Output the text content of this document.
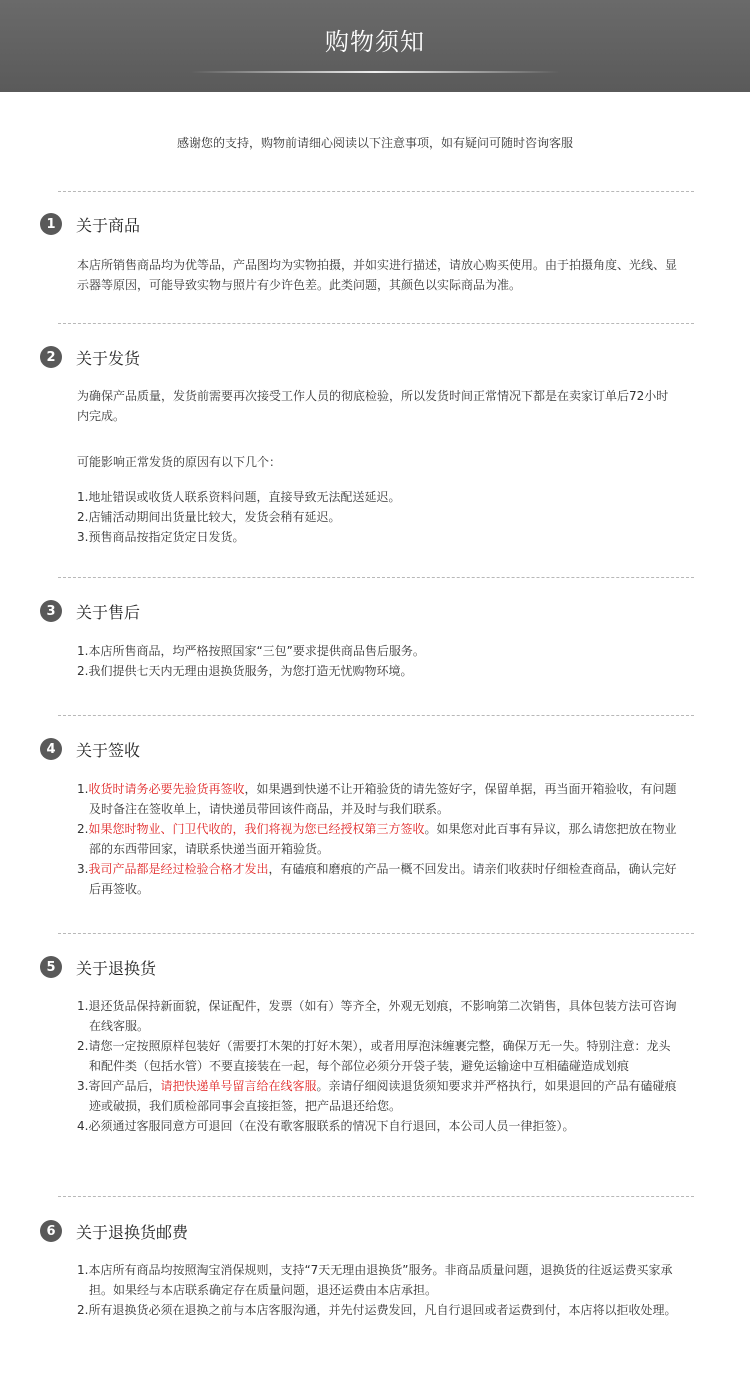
购物须知
感谢您的支持，购物前请细心阅读以下注意事项，如有疑问可随时咨询客服
1	关于商品

本店所销售商品均为优等品，产品图均为实物拍摄，并如实进行描述，请放心购买使用。由于拍摄角度、光线、显示器等原因，可能导致实物与照片有少许色差。此类问题，其颜色以实际商品为准。

2	关于发货

为确保产品质量，发货前需要再次接受工作人员的彻底检验，所以发货时间正常情况下都是在卖家订单后72小时内完成。

可能影响正常发货的原因有以下几个：

1.地址错误或收货人联系资料问题，直接导致无法配送延迟。

2.店铺活动期间出货量比较大，发货会稍有延迟。

3.预售商品按指定货定日发货。

3	关于售后

1.本店所售商品，均严格按照国家“三包”要求提供商品售后服务。

2.我们提供七天内无理由退换货服务，为您打造无忧购物环境。

4	关于签收

1.收货时请务必要先验货再签收，如果遇到快递不让开箱验货的请先签好字，保留单据，再当面开箱验收，有问题及时备注在签收单上，请快递员带回该件商品，并及时与我们联系。

2.如果您时物业、门卫代收的，我们将视为您已经授权第三方签收。如果您对此百事有异议，那么请您把放在物业部的东西带回家，请联系快递当面开箱验货。

3.我司产品都是经过检验合格才发出，有磕痕和磨痕的产品一概不回发出。请亲们收获时仔细检查商品，确认完好后再签收。

5	关于退换货

1.退还货品保持新面貌，保证配件，发票（如有）等齐全，外观无划痕，不影响第二次销售，具体包装方法可咨询在线客服。

2.请您一定按照原样包装好（需要打木架的打好木架），或者用厚泡沫缠裹完整，确保万无一失。特别注意：龙头和配件类（包括水管）不要直接装在一起，每个部位必须分开袋子装，避免运输途中互相磕碰造成划痕

3.寄回产品后，请把快递单号留言给在线客服。亲请仔细阅读退货须知要求并严格执行，如果退回的产品有磕碰痕迹或破损，我们质检部同事会直接拒签，把产品退还给您。

4.必须通过客服同意方可退回（在没有歌客服联系的情况下自行退回，本公司人员一律拒签）。

6	关于退换货邮费

1.本店所有商品均按照淘宝消保规则，支持“7天无理由退换货”服务。非商品质量问题，退换货的往返运费买家承担。如果经与本店联系确定存在质量问题，退还运费由本店承担。

2.所有退换货必须在退换之前与本店客服沟通，并先付运费发回，凡自行退回或者运费到付，本店将以拒收处理。
